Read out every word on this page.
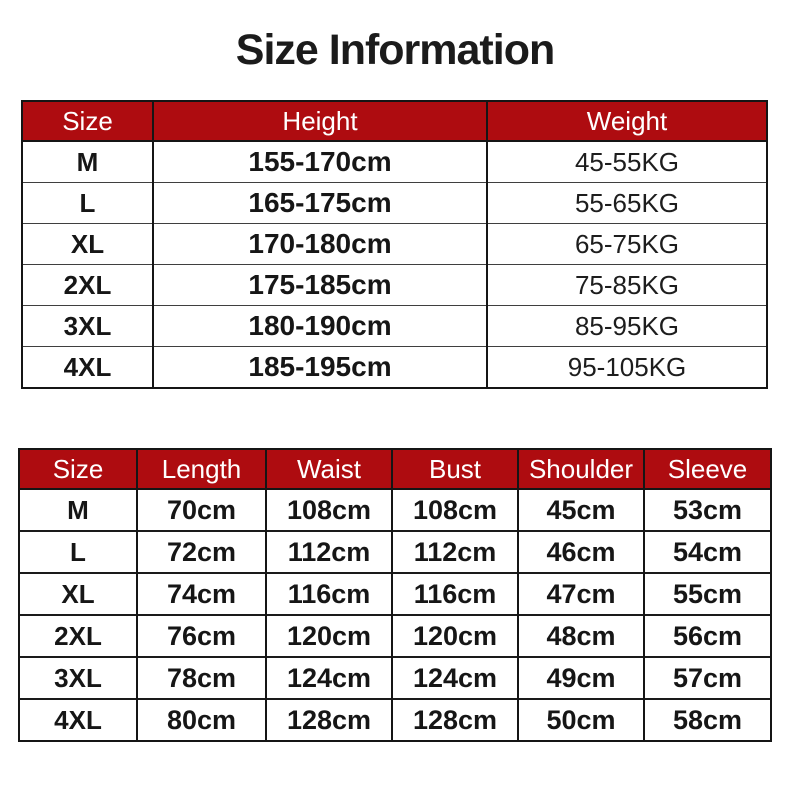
Size Information
Size	Height	Weight
M	155-170cm	45-55KG
L	165-175cm	55-65KG
XL	170-180cm	65-75KG
2XL	175-185cm	75-85KG
3XL	180-190cm	85-95KG
4XL	185-195cm	95-105KG
Size	Length	Waist	Bust	Shoulder	Sleeve
M	70cm	108cm	108cm	45cm	53cm
L	72cm	112cm	112cm	46cm	54cm
XL	74cm	116cm	116cm	47cm	55cm
2XL	76cm	120cm	120cm	48cm	56cm
3XL	78cm	124cm	124cm	49cm	57cm
4XL	80cm	128cm	128cm	50cm	58cm
